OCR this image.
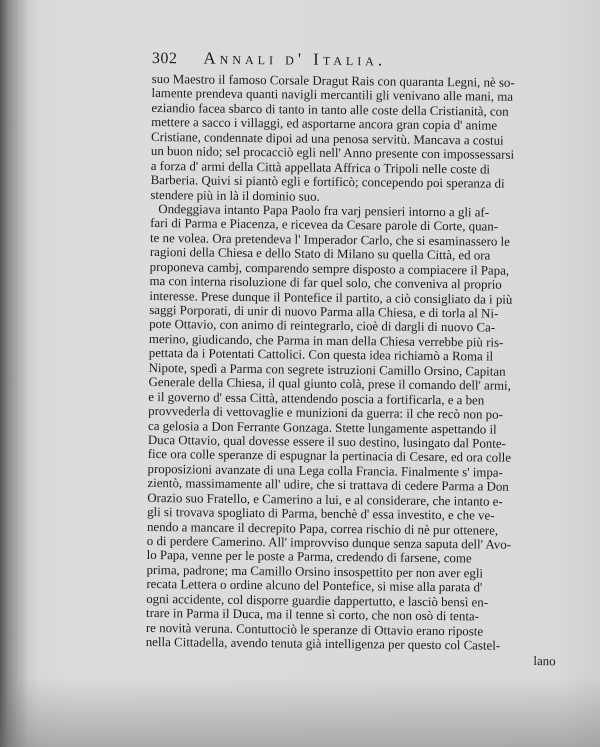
302 Annali d' Italia.
suo Maestro il famoso Corsale Dragut Rais con quaranta Legni, nè so-
lamente prendeva quanti navigli mercantili gli venivano alle mani, ma
eziandio facea sbarco di tanto in tanto alle coste della Cristianità, con
mettere a sacco i villaggi, ed asportarne ancora gran copia d' anime
Cristiane, condennate dipoi ad una penosa servitù. Mancava a costui
un buon nido; sel procacciò egli nell' Anno presente con impossessarsi
a forza d' armi della Città appellata Affrica o Tripoli nelle coste di
Barberia. Quivi si piantò egli e fortificò; concependo poi speranza di
stendere più in là il dominio suo.
Ondeggiava intanto Papa Paolo fra varj pensieri intorno a gli af-
fari di Parma e Piacenza, e ricevea da Cesare parole di Corte, quan-
te ne volea. Ora pretendeva l' Imperador Carlo, che si esaminassero le
ragioni della Chiesa e dello Stato di Milano su quella Città, ed ora
proponeva cambj, comparendo sempre disposto a compiacere il Papa,
ma con interna risoluzione di far quel solo, che conveniva al proprio
interesse. Prese dunque il Pontefice il partito, a ciò consigliato da i più
saggi Porporati, di unir di nuovo Parma alla Chiesa, e di torla al Ni-
pote Ottavio, con animo di reintegrarlo, cioè di dargli di nuovo Ca-
merino, giudicando, che Parma in man della Chiesa verrebbe più ris-
pettata da i Potentati Cattolici. Con questa idea richiamò a Roma il
Nipote, spedì a Parma con segrete istruzioni Camillo Orsino, Capitan
Generale della Chiesa, il qual giunto colà, prese il comando dell' armi,
e il governo d' essa Città, attendendo poscia a fortificarla, e a ben
provvederla di vettovaglie e munizioni da guerra: il che recò non po-
ca gelosia a Don Ferrante Gonzaga. Stette lungamente aspettando il
Duca Ottavio, qual dovesse essere il suo destino, lusingato dal Ponte-
fice ora colle speranze di espugnar la pertinacia di Cesare, ed ora colle
proposizioni avanzate di una Lega colla Francia. Finalmente s' impa-
zientò, massimamente all' udire, che si trattava di cedere Parma a Don
Orazio suo Fratello, e Camerino a lui, e al considerare, che intanto e-
gli si trovava spogliato di Parma, benchè d' essa investito, e che ve-
nendo a mancare il decrepito Papa, correa rischio di nè pur ottenere,
o di perdere Camerino. All' improvviso dunque senza saputa dell' Avo-
lo Papa, venne per le poste a Parma, credendo di farsene, come
prima, padrone; ma Camillo Orsino insospettito per non aver egli
recata Lettera o ordine alcuno del Pontefice, si mise alla parata d'
ogni accidente, col disporre guardie dappertutto, e lasciò bensì en-
trare in Parma il Duca, ma il tenne sì corto, che non osò di tenta-
re novità veruna. Contuttociò le speranze di Ottavio erano riposte
nella Cittadella, avendo tenuta già intelligenza per questo col Castel-
lano
